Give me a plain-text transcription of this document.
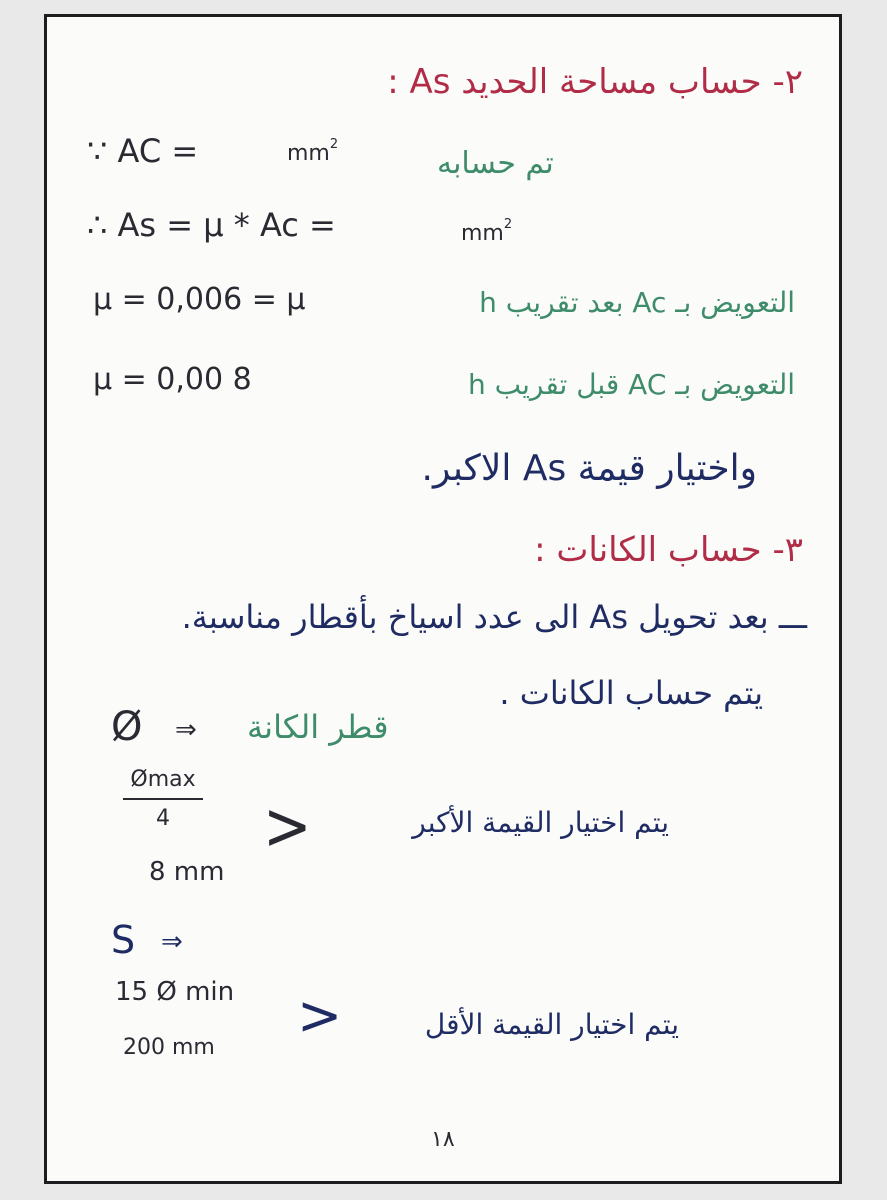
٢- حساب مساحة الحديد As :
∵ AC =	$mm^2$
تم حسابه
∴ As = μ * Ac =	$mm^2$
μ = 0,006 = μ	التعويض بـ Ac بعد تقريب h
μ = 0,00 8	التعويض بـ AC قبل تقريب h
واختيار قيمة As الاكبر.
٣- حساب الكانات :
ـــ بعد تحويل As الى عدد اسياخ بأقطار مناسبة.
يتم حساب الكانات .
Ø ⇒ قطر الكانة
Ømax
4
8 mm
>	يتم اختيار القيمة الأكبر
S ⇒
15 Ø min
200 mm
>	يتم اختيار القيمة الأقل
١٨
